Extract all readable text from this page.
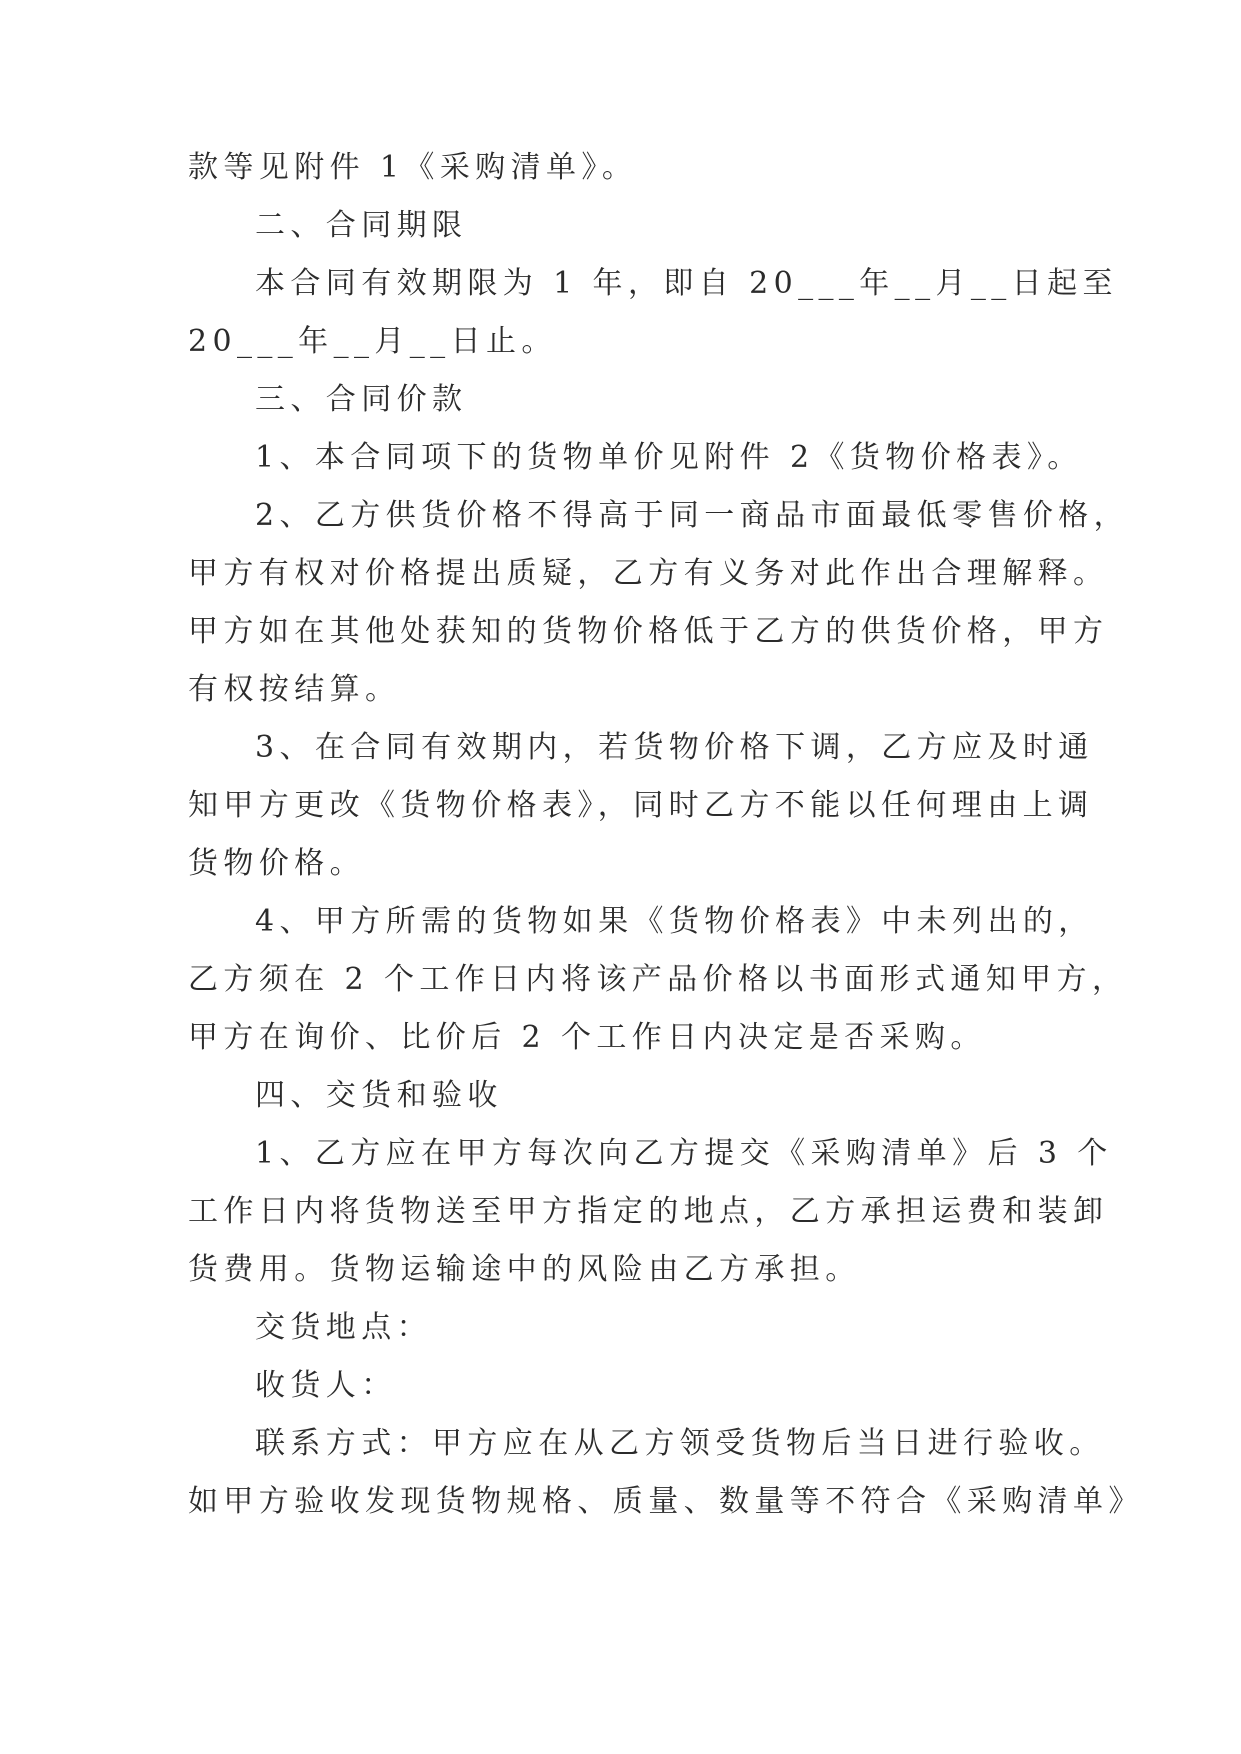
款等见附件 1《采购清单》。
二、合同期限
本合同有效期限为 1 年，即自 20___年__月__日起至
20___年__月__日止。
三、合同价款
1、本合同项下的货物单价见附件 2《货物价格表》。
2、乙方供货价格不得高于同一商品市面最低零售价格，
甲方有权对价格提出质疑，乙方有义务对此作出合理解释。
甲方如在其他处获知的货物价格低于乙方的供货价格，甲方
有权按结算。
3、在合同有效期内，若货物价格下调，乙方应及时通
知甲方更改《货物价格表》，同时乙方不能以任何理由上调
货物价格。
4、甲方所需的货物如果《货物价格表》中未列出的，
乙方须在 2 个工作日内将该产品价格以书面形式通知甲方，
甲方在询价、比价后 2 个工作日内决定是否采购。
四、交货和验收
1、乙方应在甲方每次向乙方提交《采购清单》后 3 个
工作日内将货物送至甲方指定的地点，乙方承担运费和装卸
货费用。货物运输途中的风险由乙方承担。
交货地点：
收货人：
联系方式：甲方应在从乙方领受货物后当日进行验收。
如甲方验收发现货物规格、质量、数量等不符合《采购清单》
